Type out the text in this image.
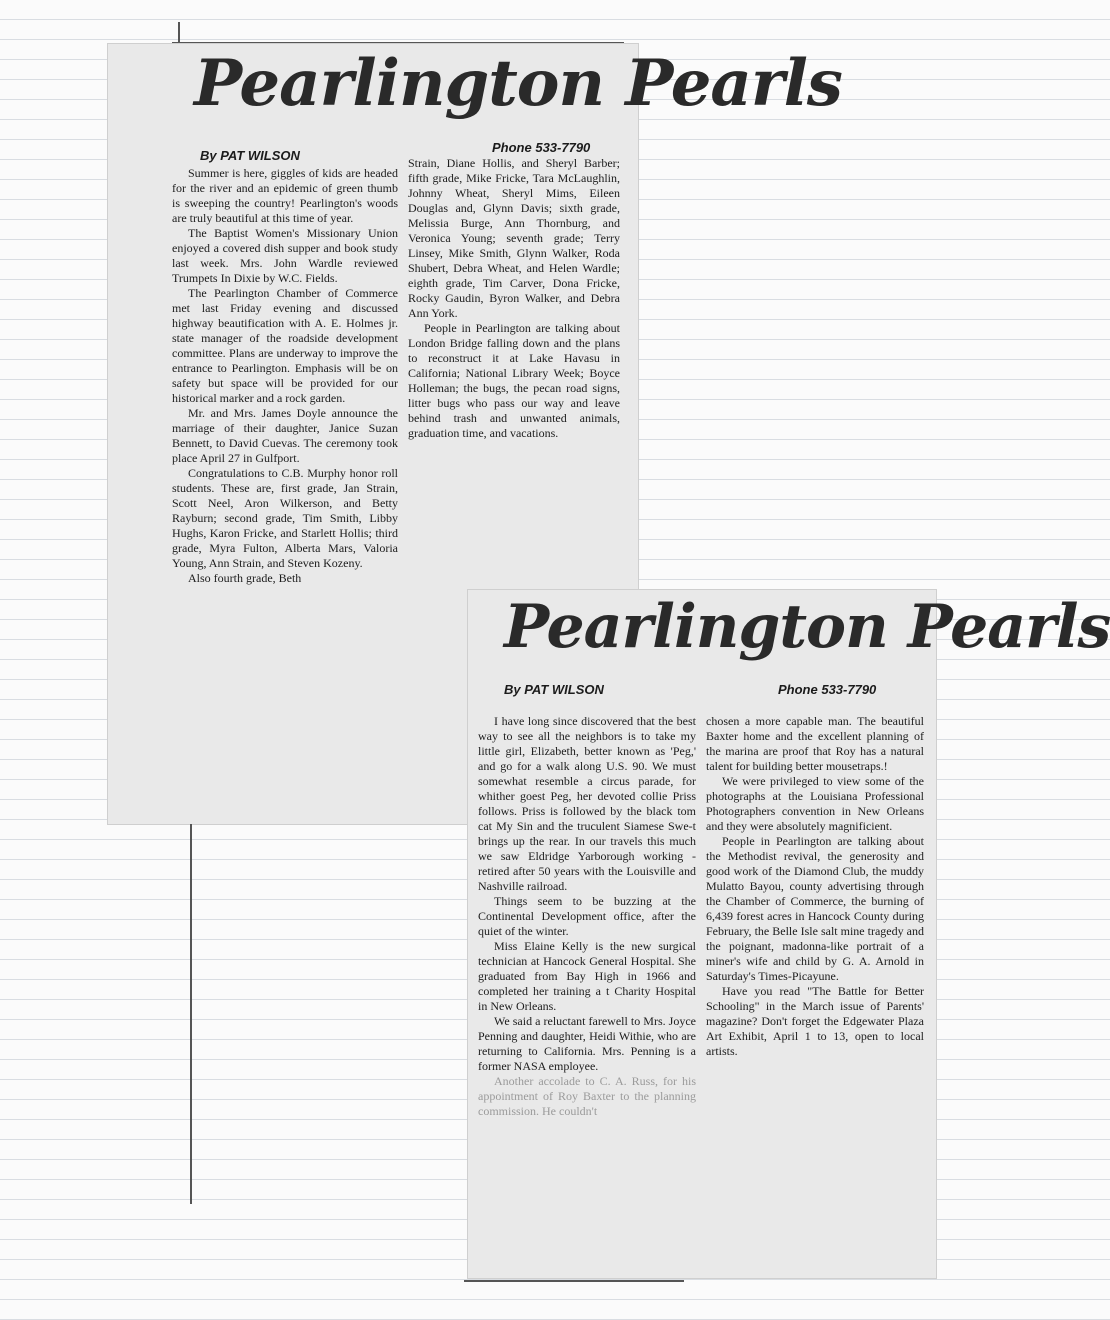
Pearlington Pearls
By PAT WILSON
Phone 533-7790

Summer is here, giggles of kids are headed for the river and an epidemic of green thumb is sweeping the country! Pearlington's woods are truly beautiful at this time of year.

The Baptist Women's Missionary Union enjoyed a covered dish supper and book study last week. Mrs. John Wardle reviewed Trumpets In Dixie by W.C. Fields.

The Pearlington Chamber of Commerce met last Friday evening and discussed highway beautification with A. E. Holmes jr. state manager of the roadside development committee. Plans are underway to improve the entrance to Pearlington. Emphasis will be on safety but space will be provided for our historical marker and a rock garden.

Mr. and Mrs. James Doyle announce the marriage of their daughter, Janice Suzan Bennett, to David Cuevas. The ceremony took place April 27 in Gulfport.

Congratulations to C.B. Murphy honor roll students. These are, first grade, Jan Strain, Scott Neel, Aron Wilkerson, and Betty Rayburn; second grade, Tim Smith, Libby Hughs, Karon Fricke, and Starlett Hollis; third grade, Myra Fulton, Alberta Mars, Valoria Young, Ann Strain, and Steven Kozeny.

Also fourth grade, Beth

Strain, Diane Hollis, and Sheryl Barber; fifth grade, Mike Fricke, Tara McLaughlin, Johnny Wheat, Sheryl Mims, Eileen Douglas and, Glynn Davis; sixth grade, Melissia Burge, Ann Thornburg, and Veronica Young; seventh grade; Terry Linsey, Mike Smith, Glynn Walker, Roda Shubert, Debra Wheat, and Helen Wardle; eighth grade, Tim Carver, Dona Fricke, Rocky Gaudin, Byron Walker, and Debra Ann York.

People in Pearlington are talking about London Bridge falling down and the plans to reconstruct it at Lake Havasu in California; National Library Week; Boyce Holleman; the bugs, the pecan road signs, litter bugs who pass our way and leave behind trash and unwanted animals, graduation time, and vacations.

Pearlington Pearls
By PAT WILSON	Phone 533-7790

I have long since discovered that the best way to see all the neighbors is to take my little girl, Elizabeth, better known as 'Peg,' and go for a walk along U.S. 90. We must somewhat resemble a circus parade, for whither goest Peg, her devoted collie Priss follows. Priss is followed by the black tom cat My Sin and the truculent Siamese Swe-t brings up the rear. In our travels this much we saw Eldridge Yarborough working - retired after 50 years with the Louisville and Nashville railroad.

Things seem to be buzzing at the Continental Development office, after the quiet of the winter.

Miss Elaine Kelly is the new surgical technician at Hancock General Hospital. She graduated from Bay High in 1966 and completed her training a t Charity Hospital in New Orleans.

We said a reluctant farewell to Mrs. Joyce Penning and daughter, Heidi Withie, who are returning to California. Mrs. Penning is a former NASA employee.

Another accolade to C. A. Russ, for his appointment of Roy Baxter to the planning commission. He couldn't

chosen a more capable man. The beautiful Baxter home and the excellent planning of the marina are proof that Roy has a natural talent for building better mousetraps.!

We were privileged to view some of the photographs at the Louisiana Professional Photographers convention in New Orleans and they were absolutely magnificient.

People in Pearlington are talking about the Methodist revival, the generosity and good work of the Diamond Club, the muddy Mulatto Bayou, county advertising through the Chamber of Commerce, the burning of 6,439 forest acres in Hancock County during February, the Belle Isle salt mine tragedy and the poignant, madonna-like portrait of a miner's wife and child by G. A. Arnold in Saturday's Times-Picayune.

Have you read "The Battle for Better Schooling" in the March issue of Parents' magazine? Don't forget the Edgewater Plaza Art Exhibit, April 1 to 13, open to local artists.
